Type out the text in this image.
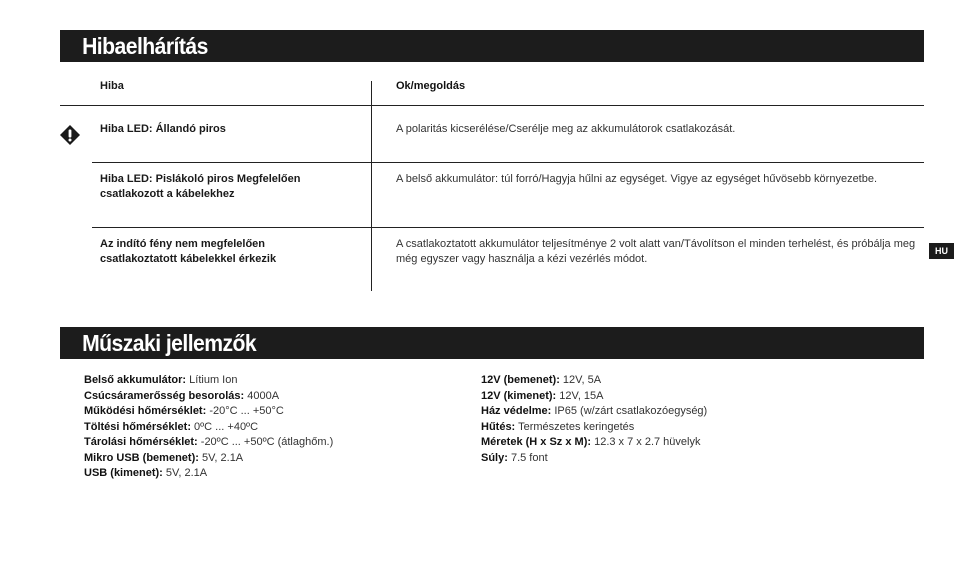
Hibaelhárítás
Hiba	Ok/megoldás
Hiba LED: Állandó piros	A polaritás kicserélése/Cserélje meg az akkumulátorok csatlakozását.
Hiba LED: Pislákoló piros Megfelelően csatlakozott a kábelekhez
A belső akkumulátor: túl forró/Hagyja hűlni az egységet. Vigye az egységet hűvösebb környezetbe.
Az indító fény nem megfelelően csatlakoztatott kábelekkel érkezik
A csatlakoztatott akkumulátor teljesítménye 2 volt alatt van/Távolítson el minden terhelést, és próbálja meg még egyszer vagy használja a kézi vezérlés módot.
HU
Műszaki jellemzők
Belső akkumulátor: Lítium Ion
Csúcsáramerősség besorolás: 4000A
Működési hőmérséklet: -20°C ... +50°C
Töltési hőmérséklet: 0ºC ... +40ºC
Tárolási hőmérséklet: -20ºC ... +50ºC (átlaghőm.)
Mikro USB (bemenet): 5V, 2.1A
USB (kimenet): 5V, 2.1A
12V (bemenet): 12V, 5A
12V (kimenet): 12V, 15A
Ház védelme: IP65 (w/zárt csatlakozóegység)
Hűtés: Természetes keringetés
Méretek (H x Sz x M): 12.3 x 7 x 2.7 hüvelyk
Súly: 7.5 font
